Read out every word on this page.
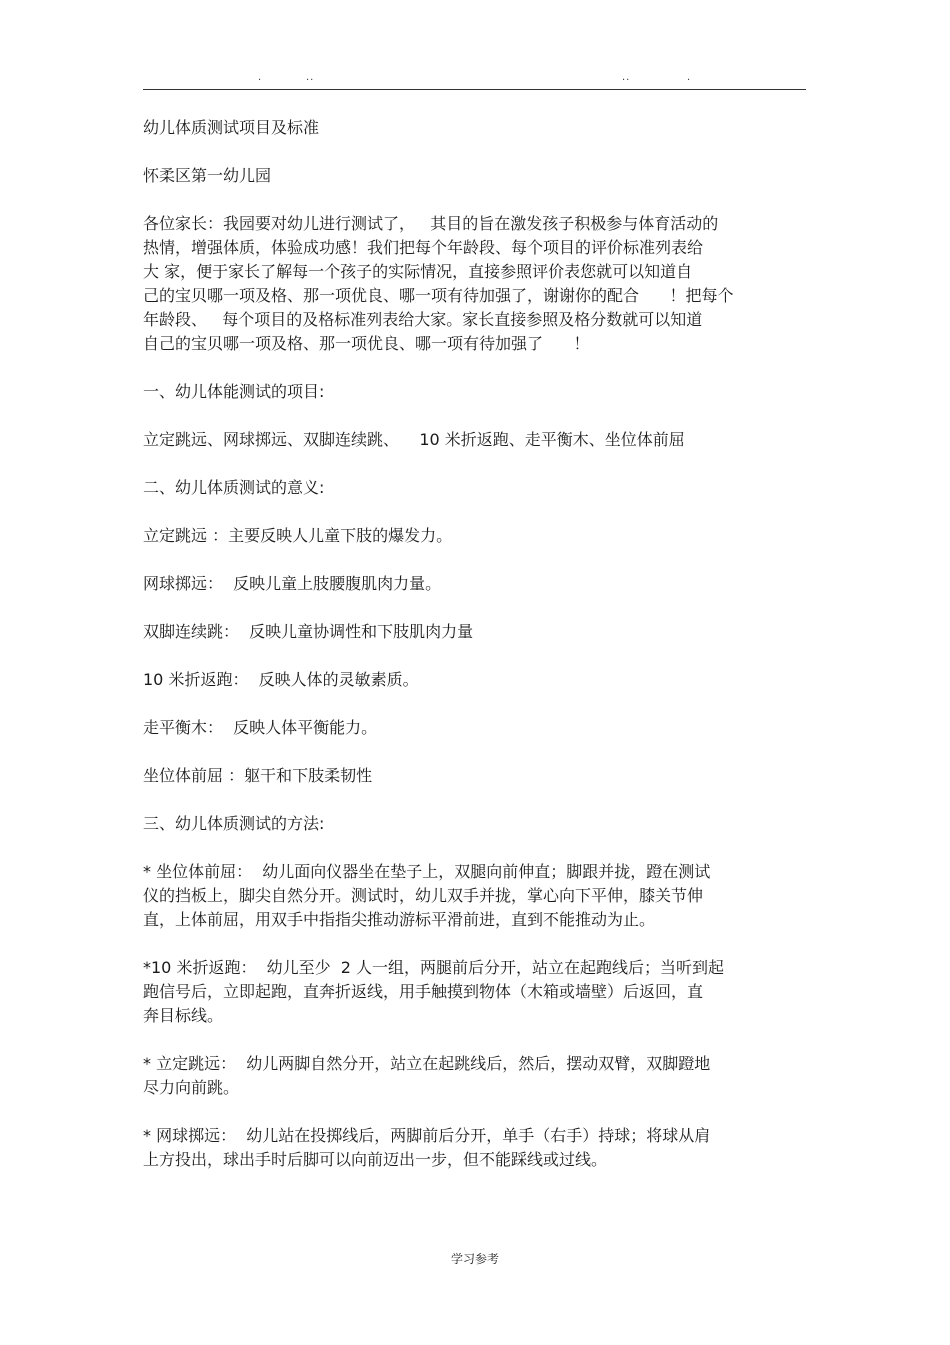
.	..	..	.

幼儿体质测试项目及标准

怀柔区第一幼儿园

各位家长：我园要对幼儿进行测试了，   其目的旨在激发孩子积极参与体育活动的

热情，增强体质，体验成功感！我们把每个年龄段、每个项目的评价标准列表给

大 家，便于家长了解每一个孩子的实际情况，直接参照评价表您就可以知道自

己的宝贝哪一项及格、那一项优良、哪一项有待加强了，谢谢你的配合      ！把每个

年龄段、   每个项目的及格标准列表给大家。家长直接参照及格分数就可以知道

自己的宝贝哪一项及格、那一项优良、哪一项有待加强了      ！

一、幼儿体能测试的项目:

立定跳远、网球掷远、双脚连续跳、    10 米折返跑、走平衡木、坐位体前屈

二、幼儿体质测试的意义:

立定跳远 ：主要反映人儿童下肢的爆发力。

网球掷远：  反映儿童上肢腰腹肌肉力量。

双脚连续跳：  反映儿童协调性和下肢肌肉力量

10 米折返跑：  反映人体的灵敏素质。

走平衡木：  反映人体平衡能力。

坐位体前屈 ：躯干和下肢柔韧性

三、幼儿体质测试的方法:

* 坐位体前屈：  幼儿面向仪器坐在垫子上，双腿向前伸直；脚跟并拢，蹬在测试

仪的挡板上，脚尖自然分开。测试时，幼儿双手并拢，掌心向下平伸，膝关节伸

直，上体前屈，用双手中指指尖推动游标平滑前进，直到不能推动为止。

*10 米折返跑：  幼儿至少  2 人一组，两腿前后分开，站立在起跑线后；当听到起

跑信号后，立即起跑，直奔折返线，用手触摸到物体（木箱或墙壁）后返回，直

奔目标线。

* 立定跳远：  幼儿两脚自然分开，站立在起跳线后，然后，摆动双臂，双脚蹬地

尽力向前跳。

* 网球掷远：  幼儿站在投掷线后，两脚前后分开，单手（右手）持球；将球从肩

上方投出，球出手时后脚可以向前迈出一步，但不能踩线或过线。

学习参考
